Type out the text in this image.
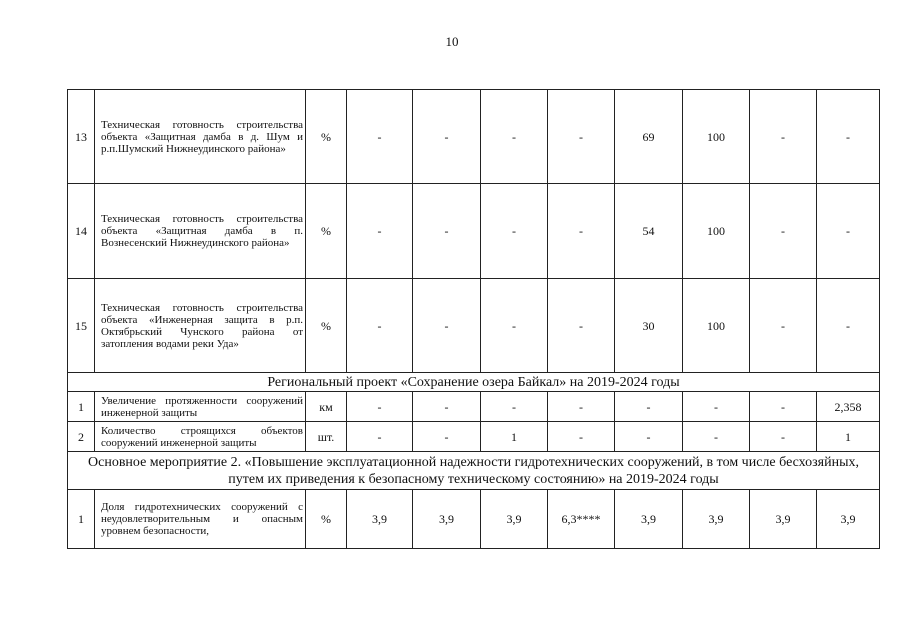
10
13	Техническая готовность строительства объекта «Защитная дамба в д. Шум и р.п.Шумский Нижнеудинского района»	%	-	-	-	-	69	100	-	-
14	Техническая готовность строительства объекта «Защитная дамба в п. Вознесенский Нижнеудинского района»	%	-	-	-	-	54	100	-	-
15	Техническая готовность строительства объекта «Инженерная защита в р.п. Октябрьский Чунского района от затопления водами реки Уда»	%	-	-	-	-	30	100	-	-
Региональный проект «Сохранение озера Байкал» на 2019-2024 годы										
1	Увеличение протяженности сооружений инженерной защиты	км	-	-	-	-	-	-	-	2,358
2	Количество строящихся объектов сооружений инженерной защиты	шт.	-	-	1	-	-	-	-	1
Основное мероприятие 2. «Повышение эксплуатационной надежности гидротехнических сооружений, в том числе бесхозяйных, путем их приведения к безопасному техническому состоянию» на 2019-2024 годы										
1	Доля гидротехнических сооружений с неудовлетворительным и опасным уровнем безопасности,	%	3,9	3,9	3,9	6,3****	3,9	3,9	3,9	3,9
